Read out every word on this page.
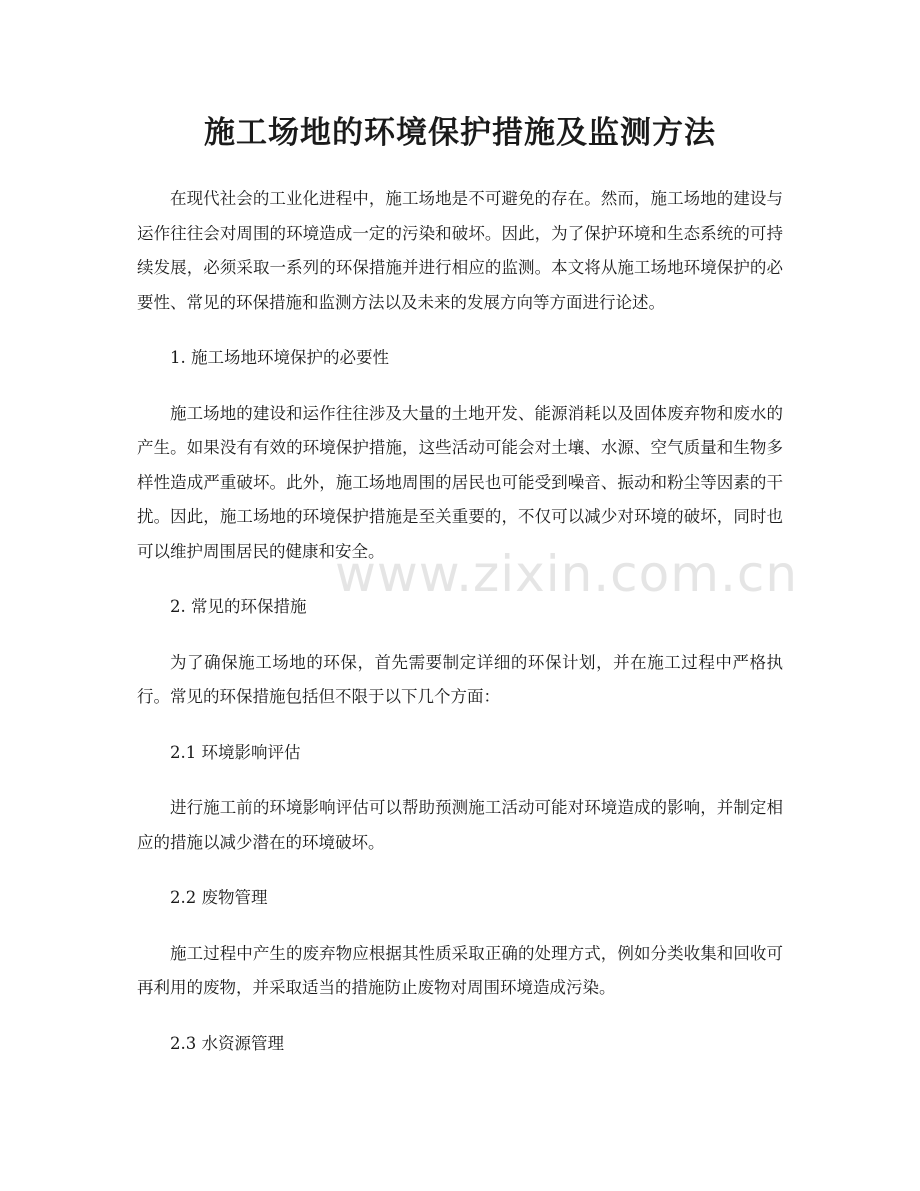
施工场地的环境保护措施及监测方法

在现代社会的工业化进程中，施工场地是不可避免的存在。然而，施工场地的建设与运作往往会对周围的环境造成一定的污染和破坏。因此，为了保护环境和生态系统的可持续发展，必须采取一系列的环保措施并进行相应的监测。本文将从施工场地环境保护的必要性、常见的环保措施和监测方法以及未来的发展方向等方面进行论述。

1. 施工场地环境保护的必要性

施工场地的建设和运作往往涉及大量的土地开发、能源消耗以及固体废弃物和废水的产生。如果没有有效的环境保护措施，这些活动可能会对土壤、水源、空气质量和生物多样性造成严重破坏。此外，施工场地周围的居民也可能受到噪音、振动和粉尘等因素的干扰。因此，施工场地的环境保护措施是至关重要的，不仅可以减少对环境的破坏，同时也可以维护周围居民的健康和安全。

2. 常见的环保措施

为了确保施工场地的环保，首先需要制定详细的环保计划，并在施工过程中严格执行。常见的环保措施包括但不限于以下几个方面：

2.1 环境影响评估

进行施工前的环境影响评估可以帮助预测施工活动可能对环境造成的影响，并制定相应的措施以减少潜在的环境破坏。

2.2 废物管理

施工过程中产生的废弃物应根据其性质采取正确的处理方式，例如分类收集和回收可再利用的废物，并采取适当的措施防止废物对周围环境造成污染。

2.3 水资源管理

www.zixin.com.cn
